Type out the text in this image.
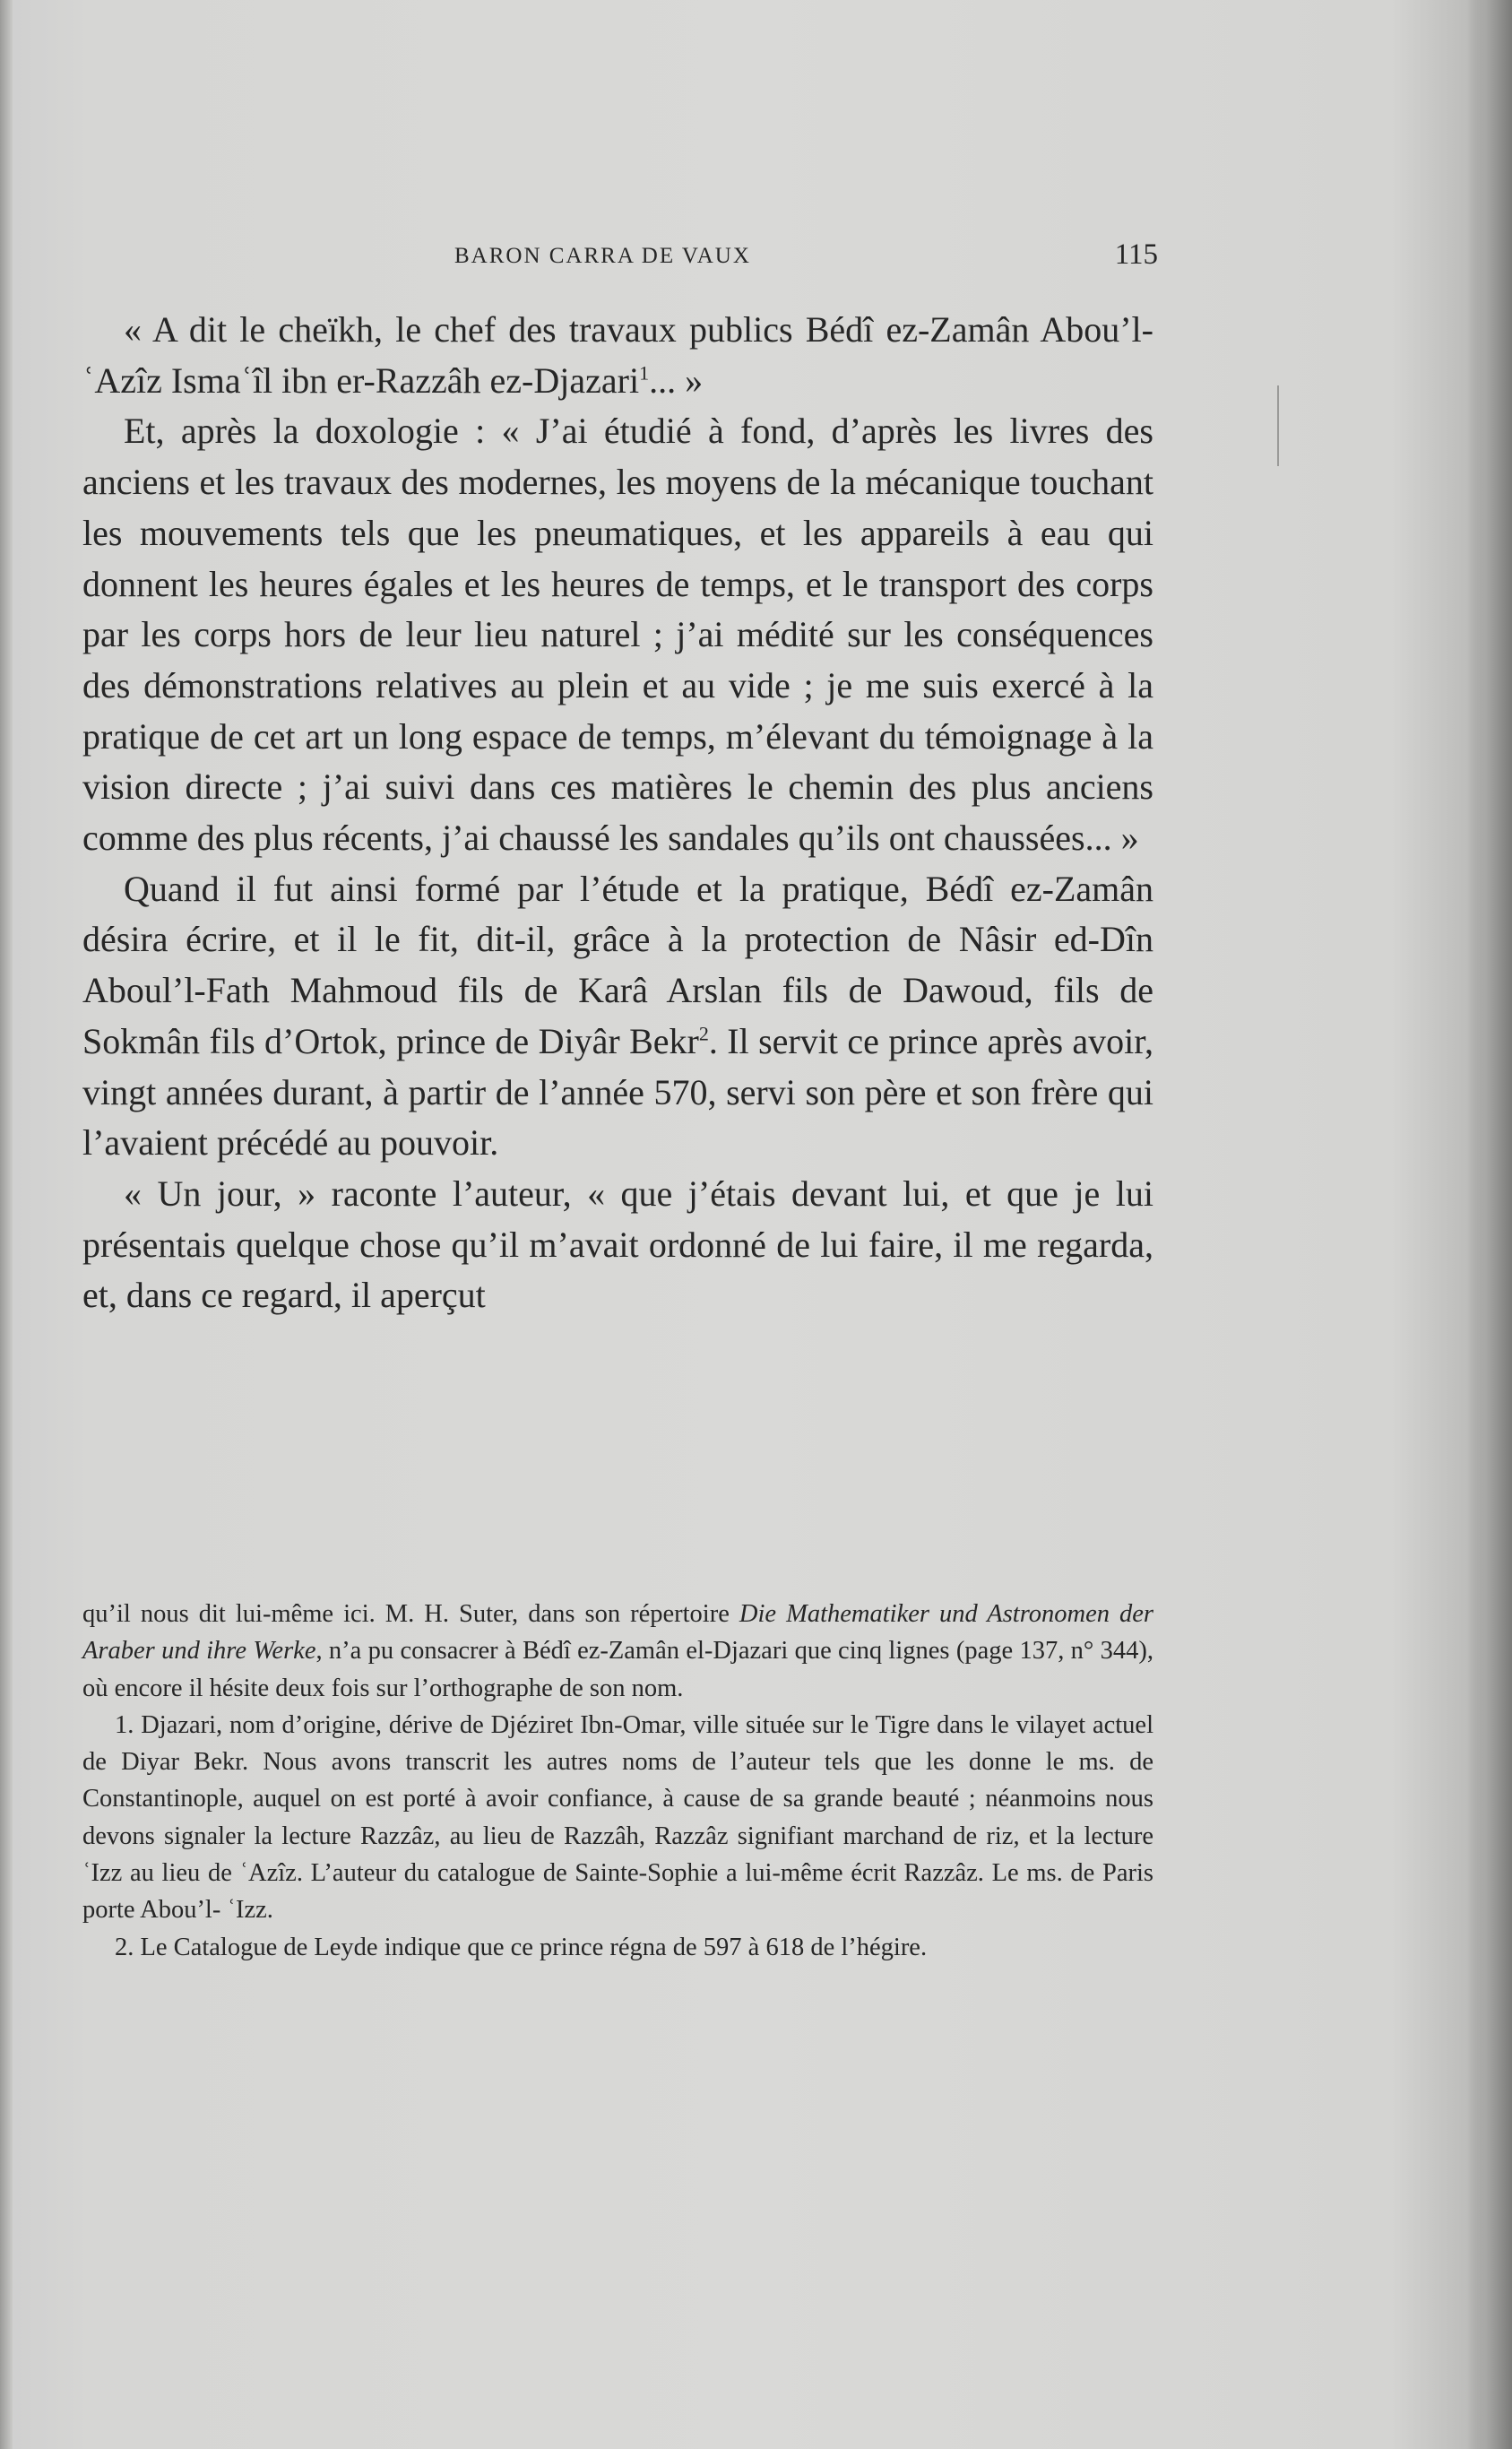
BARON CARRA DE VAUX	115

« A dit le cheïkh, le chef des travaux publics Bédî ez-Zamân Abou’l-ʿAzîz Ismaʿîl ibn er-Razzâh ez-Djazari$^1$... »

Et, après la doxologie : « J’ai étudié à fond, d’après les livres des anciens et les travaux des modernes, les moyens de la mécanique touchant les mouvements tels que les pneumatiques, et les appareils à eau qui donnent les heures égales et les heures de temps, et le transport des corps par les corps hors de leur lieu naturel ; j’ai médité sur les conséquences des démonstrations relatives au plein et au vide ; je me suis exercé à la pratique de cet art un long espace de temps, m’élevant du témoignage à la vision directe ; j’ai suivi dans ces matières le chemin des plus anciens comme des plus récents, j’ai chaussé les sandales qu’ils ont chaussées... »

Quand il fut ainsi formé par l’étude et la pratique, Bédî ez-Zamân désira écrire, et il le fit, dit-il, grâce à la protection de Nâsir ed-Dîn Aboul’l-Fath Mahmoud fils de Karâ Arslan fils de Dawoud, fils de Sokmân fils d’Ortok, prince de Diyâr Bekr$^2$. Il servit ce prince après avoir, vingt années durant, à partir de l’année 570, servi son père et son frère qui l’avaient précédé au pouvoir.

« Un jour, » raconte l’auteur, « que j’étais devant lui, et que je lui présentais quelque chose qu’il m’avait ordonné de lui faire, il me regarda, et, dans ce regard, il aperçut

qu’il nous dit lui-même ici. M. H. Suter, dans son répertoire Die Mathematiker und Astronomen der Araber und ihre Werke, n’a pu consacrer à Bédî ez-Zamân el-Djazari que cinq lignes (page 137, n° 344), où encore il hésite deux fois sur l’orthographe de son nom.

1. Djazari, nom d’origine, dérive de Djéziret Ibn-Omar, ville située sur le Tigre dans le vilayet actuel de Diyar Bekr. Nous avons transcrit les autres noms de l’auteur tels que les donne le ms. de Constantinople, auquel on est porté à avoir confiance, à cause de sa grande beauté ; néanmoins nous devons signaler la lecture Razzâz, au lieu de Razzâh, Razzâz signifiant marchand de riz, et la lecture ʿIzz au lieu de ʿAzîz. L’auteur du catalogue de Sainte-Sophie a lui-même écrit Razzâz. Le ms. de Paris porte Abou’l- ʿIzz.

2. Le Catalogue de Leyde indique que ce prince régna de 597 à 618 de l’hégire.
